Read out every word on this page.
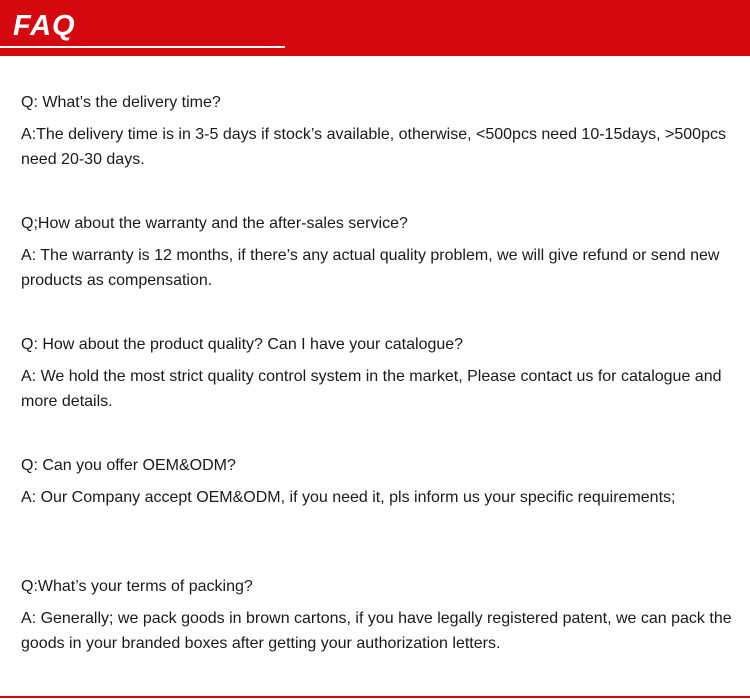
FAQ

Q: What’s the delivery time?

A:The delivery time is in 3-5 days if stock’s available, otherwise, <500pcs need 10-15days, >500pcs need 20-30 days.

Q;How about the warranty and the after-sales service?

A: The warranty is 12 months, if there’s any actual quality problem, we will give refund or send new products as compensation.

Q: How about the product quality? Can I have your catalogue?

A: We hold the most strict quality control system in the market, Please contact us for catalogue and more details.

Q: Can you offer OEM&ODM?

A: Our Company accept OEM&ODM, if you need it, pls inform us your specific requirements;

Q:What’s your terms of packing?

A: Generally; we pack goods in brown cartons, if you have legally registered patent, we can pack the goods in your branded boxes after getting your authorization letters.
